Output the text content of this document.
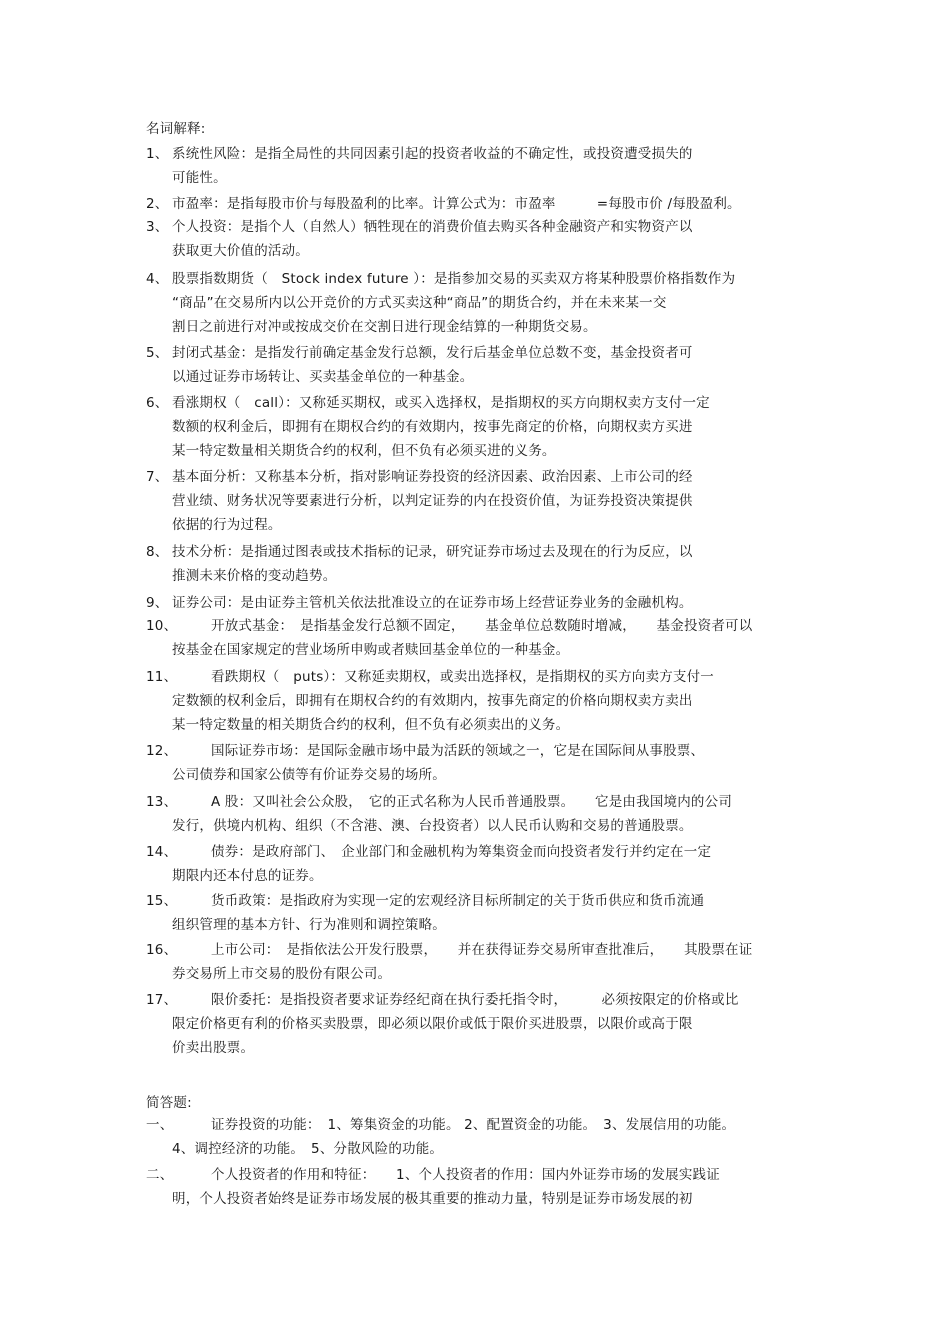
名词解释:
1、 系统性风险：是指全局性的共同因素引起的投资者收益的不确定性，或投资遭受损失的
可能性。
2、 市盈率：是指每股市价与每股盈利的比率。计算公式为：市盈率　　　=每股市价 /每股盈利。
3、 个人投资：是指个人（自然人）牺牲现在的消费价值去购买各种金融资产和实物资产以
获取更大价值的活动。
4、 股票指数期货（　Stock index future ）：是指参加交易的买卖双方将某种股票价格指数作为
“商品”在交易所内以公开竞价的方式买卖这种“商品”的期货合约，并在未来某一交
割日之前进行对冲或按成交价在交割日进行现金结算的一种期货交易。
5、 封闭式基金：是指发行前确定基金发行总额，发行后基金单位总数不变，基金投资者可
以通过证券市场转让、买卖基金单位的一种基金。
6、 看涨期权（　call）：又称延买期权，或买入选择权，是指期权的买方向期权卖方支付一定
数额的权利金后，即拥有在期权合约的有效期内，按事先商定的价格，向期权卖方买进
某一特定数量相关期货合约的权利，但不负有必须买进的义务。
7、 基本面分析：又称基本分析，指对影响证券投资的经济因素、政治因素、上市公司的经
营业绩、财务状况等要素进行分析，以判定证券的内在投资价值，为证券投资决策提供
依据的行为过程。
8、 技术分析：是指通过图表或技术指标的记录，研究证券市场过去及现在的行为反应，以
推测未来价格的变动趋势。
9、 证券公司：是由证券主管机关依法批准设立的在证券市场上经营证券业务的金融机构。
10、 开放式基金：　是指基金发行总额不固定，　　基金单位总数随时增减，　　基金投资者可以
按基金在国家规定的营业场所申购或者赎回基金单位的一种基金。
11、 看跌期权（　puts）：又称延卖期权，或卖出选择权，是指期权的买方向卖方支付一
定数额的权利金后，即拥有在期权合约的有效期内，按事先商定的价格向期权卖方卖出
某一特定数量的相关期货合约的权利，但不负有必须卖出的义务。
12、 国际证券市场：是国际金融市场中最为活跃的领域之一，它是在国际间从事股票、
公司债券和国家公债等有价证券交易的场所。
13、 A 股：又叫社会公众股，　它的正式名称为人民币普通股票。　　它是由我国境内的公司
发行，供境内机构、组织（不含港、澳、台投资者）以人民币认购和交易的普通股票。
14、 债券：是政府部门、　企业部门和金融机构为筹集资金而向投资者发行并约定在一定
期限内还本付息的证券。
15、 货币政策：是指政府为实现一定的宏观经济目标所制定的关于货币供应和货币流通
组织管理的基本方针、行为准则和调控策略。
16、 上市公司：　是指依法公开发行股票，　　并在获得证券交易所审查批准后，　　其股票在证
券交易所上市交易的股份有限公司。
17、 限价委托：是指投资者要求证券经纪商在执行委托指令时，　　　必须按限定的价格或比
限定价格更有利的价格买卖股票，即必须以限价或低于限价买进股票，以限价或高于限
价卖出股票。
简答题:
一、	证券投资的功能：　1、筹集资金的功能。 2、配置资金的功能。　3、发展信用的功能。
4、调控经济的功能。　5、分散风险的功能。
二、	个人投资者的作用和特征：　　1、个人投资者的作用：国内外证券市场的发展实践证
明，个人投资者始终是证券市场发展的极其重要的推动力量，特别是证券市场发展的初
